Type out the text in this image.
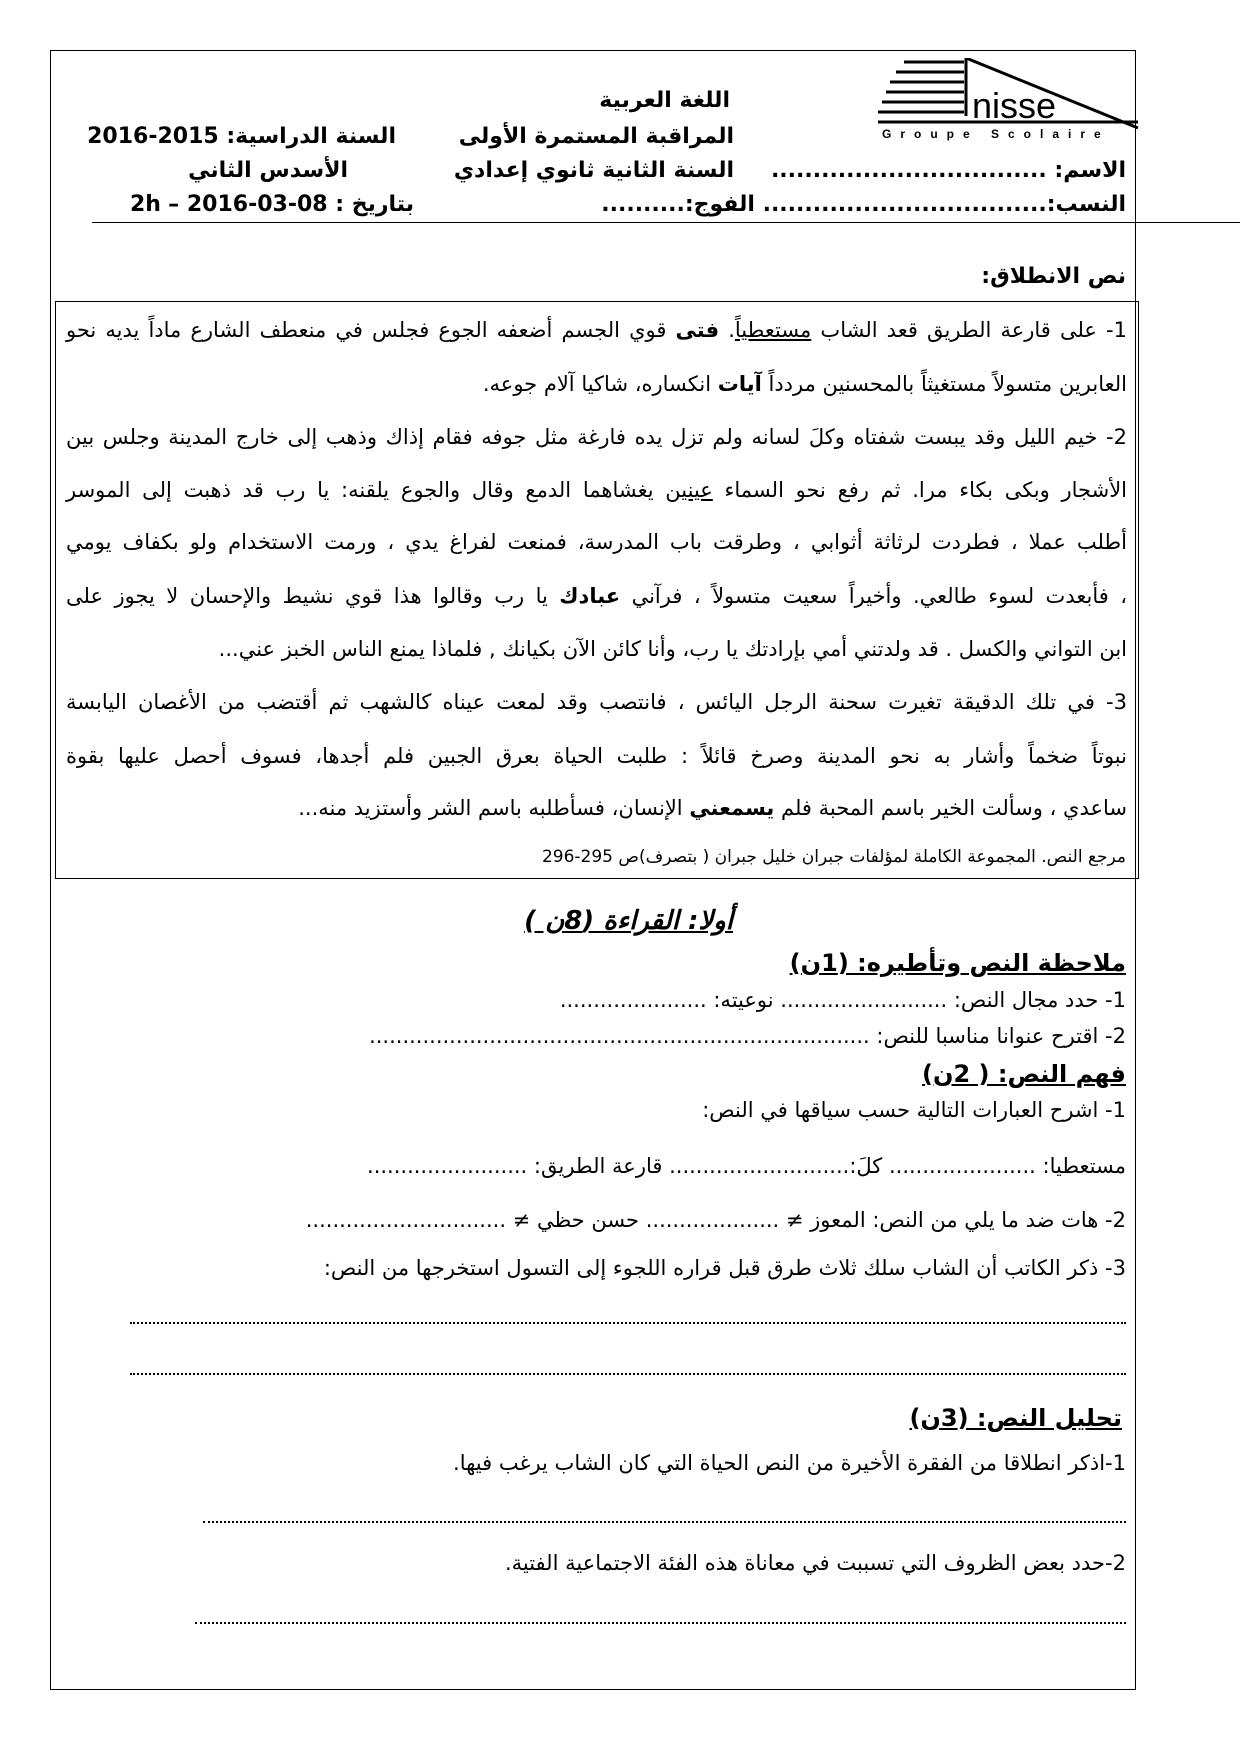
nisse
Groupe Scolaire
اللغة العربية
المراقبة المستمرة الأولى
السنة الثانية ثانوي إعدادي
السنة الدراسية: 2015-2016
الأسدس الثاني
بتاريخ : 08-03-2016 –
2h
الاسم: .................................
النسب:.................................. الفوج:..........
نص الانطلاق:
1- على قارعة الطريق قعد الشاب مستعطياً. فتى قوي الجسم أضعفه الجوع فجلس في منعطف الشارع ماداً يديه نحو
العابرين متسولاً مستغيثاً بالمحسنين مردداً آيات انكساره، شاكيا آلام جوعه.
2- خيم الليل وقد يبست شفتاه وكلَ لسانه ولم تزل يده فارغة مثل جوفه فقام إذاك وذهب إلى خارج المدينة وجلس بين
الأشجار وبكى بكاء مرا. ثم رفع نحو السماء عينين يغشاهما الدمع وقال والجوع يلقنه: يا رب قد ذهبت إلى الموسر
أطلب عملا ، فطردت لرثاثة أثوابي ، وطرقت باب المدرسة، فمنعت لفراغ يدي ، ورمت الاستخدام ولو بكفاف يومي
، فأبعدت لسوء طالعي. وأخيراً سعيت متسولاً ، فرآني عبادك يا رب وقالوا هذا قوي نشيط والإحسان لا يجوز على
ابن التواني والكسل . قد ولدتني أمي بإرادتك يا رب، وأنا كائن الآن بكيانك , فلماذا يمنع الناس الخبز عني...
3- في تلك الدقيقة تغيرت سحنة الرجل اليائس ، فانتصب وقد لمعت عيناه كالشهب ثم أقتضب من الأغصان اليابسة
نبوتاً ضخماً وأشار به نحو المدينة وصرخ قائلاً : طلبت الحياة بعرق الجبين فلم أجدها، فسوف أحصل عليها بقوة
ساعدي ، وسألت الخير باسم المحبة فلم يسمعني الإنسان، فسأطلبه باسم الشر وأستزيد منه...
مرجع النص. المجموعة الكاملة لمؤلفات جبران خليل جبران ( بتصرف)ص 295-296
أولا: القراءة (8ن )
ملاحظة النص وتأطيره: (1ن)
1- حدد مجال النص: ......................... نوعيته: ......................
2- اقترح عنوانا مناسبا للنص: ...........................................................................
فهم النص: ( 2ن)
1- اشرح العبارات التالية حسب سياقها في النص:
مستعطيا: ...................... كلَ:........................... قارعة الطريق: ........................
2- هات ضد ما يلي من النص: المعوز ≠ .................... حسن حظي ≠ ..............................
3- ذكر الكاتب أن الشاب سلك ثلاث طرق قبل قراره اللجوء إلى التسول استخرجها من النص:
تحليل النص: (3ن)
1-اذكر انطلاقا من الفقرة الأخيرة من النص الحياة التي كان الشاب يرغب فيها.
2-حدد بعض الظروف التي تسببت في معاناة هذه الفئة الاجتماعية الفتية.
